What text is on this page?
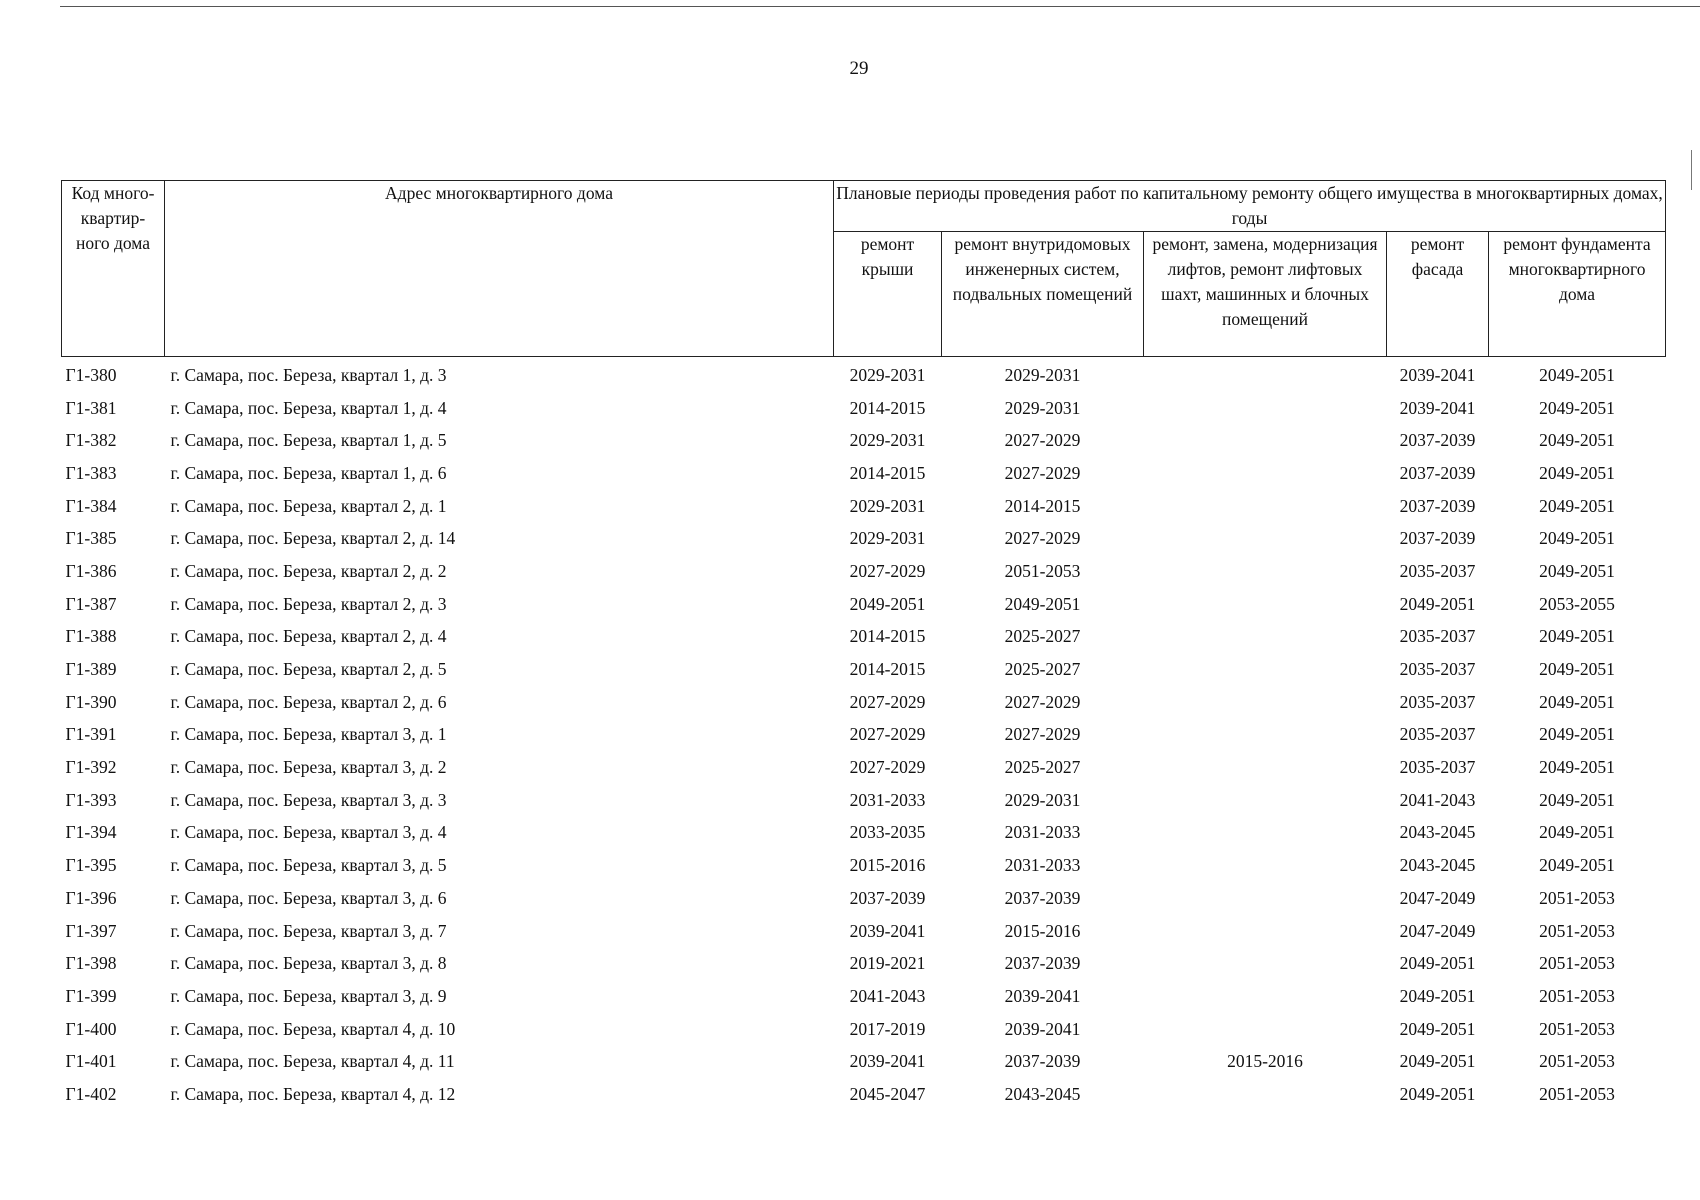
29
Код много-квартир-ного дома	Адрес многоквартирного дома	Плановые периоды проведения работ по капитальному ремонту общего имущества в многоквартирных домах, годы				
		ремонт крыши	ремонт внутридомовых инженерных систем, подвальных помещений	ремонт, замена, модернизация лифтов, ремонт лифтовых шахт, машинных и блочных помещений	ремонт фасада	ремонт фундамента многоквартирного дома
Г1-380	г. Самара, пос. Береза, квартал 1, д. 3	2029-2031	2029-2031		2039-2041	2049-2051
Г1-381	г. Самара, пос. Береза, квартал 1, д. 4	2014-2015	2029-2031		2039-2041	2049-2051
Г1-382	г. Самара, пос. Береза, квартал 1, д. 5	2029-2031	2027-2029		2037-2039	2049-2051
Г1-383	г. Самара, пос. Береза, квартал 1, д. 6	2014-2015	2027-2029		2037-2039	2049-2051
Г1-384	г. Самара, пос. Береза, квартал 2, д. 1	2029-2031	2014-2015		2037-2039	2049-2051
Г1-385	г. Самара, пос. Береза, квартал 2, д. 14	2029-2031	2027-2029		2037-2039	2049-2051
Г1-386	г. Самара, пос. Береза, квартал 2, д. 2	2027-2029	2051-2053		2035-2037	2049-2051
Г1-387	г. Самара, пос. Береза, квартал 2, д. 3	2049-2051	2049-2051		2049-2051	2053-2055
Г1-388	г. Самара, пос. Береза, квартал 2, д. 4	2014-2015	2025-2027		2035-2037	2049-2051
Г1-389	г. Самара, пос. Береза, квартал 2, д. 5	2014-2015	2025-2027		2035-2037	2049-2051
Г1-390	г. Самара, пос. Береза, квартал 2, д. 6	2027-2029	2027-2029		2035-2037	2049-2051
Г1-391	г. Самара, пос. Береза, квартал 3, д. 1	2027-2029	2027-2029		2035-2037	2049-2051
Г1-392	г. Самара, пос. Береза, квартал 3, д. 2	2027-2029	2025-2027		2035-2037	2049-2051
Г1-393	г. Самара, пос. Береза, квартал 3, д. 3	2031-2033	2029-2031		2041-2043	2049-2051
Г1-394	г. Самара, пос. Береза, квартал 3, д. 4	2033-2035	2031-2033		2043-2045	2049-2051
Г1-395	г. Самара, пос. Береза, квартал 3, д. 5	2015-2016	2031-2033		2043-2045	2049-2051
Г1-396	г. Самара, пос. Береза, квартал 3, д. 6	2037-2039	2037-2039		2047-2049	2051-2053
Г1-397	г. Самара, пос. Береза, квартал 3, д. 7	2039-2041	2015-2016		2047-2049	2051-2053
Г1-398	г. Самара, пос. Береза, квартал 3, д. 8	2019-2021	2037-2039		2049-2051	2051-2053
Г1-399	г. Самара, пос. Береза, квартал 3, д. 9	2041-2043	2039-2041		2049-2051	2051-2053
Г1-400	г. Самара, пос. Береза, квартал 4, д. 10	2017-2019	2039-2041		2049-2051	2051-2053
Г1-401	г. Самара, пос. Береза, квартал 4, д. 11	2039-2041	2037-2039	2015-2016	2049-2051	2051-2053
Г1-402	г. Самара, пос. Береза, квартал 4, д. 12	2045-2047	2043-2045		2049-2051	2051-2053
